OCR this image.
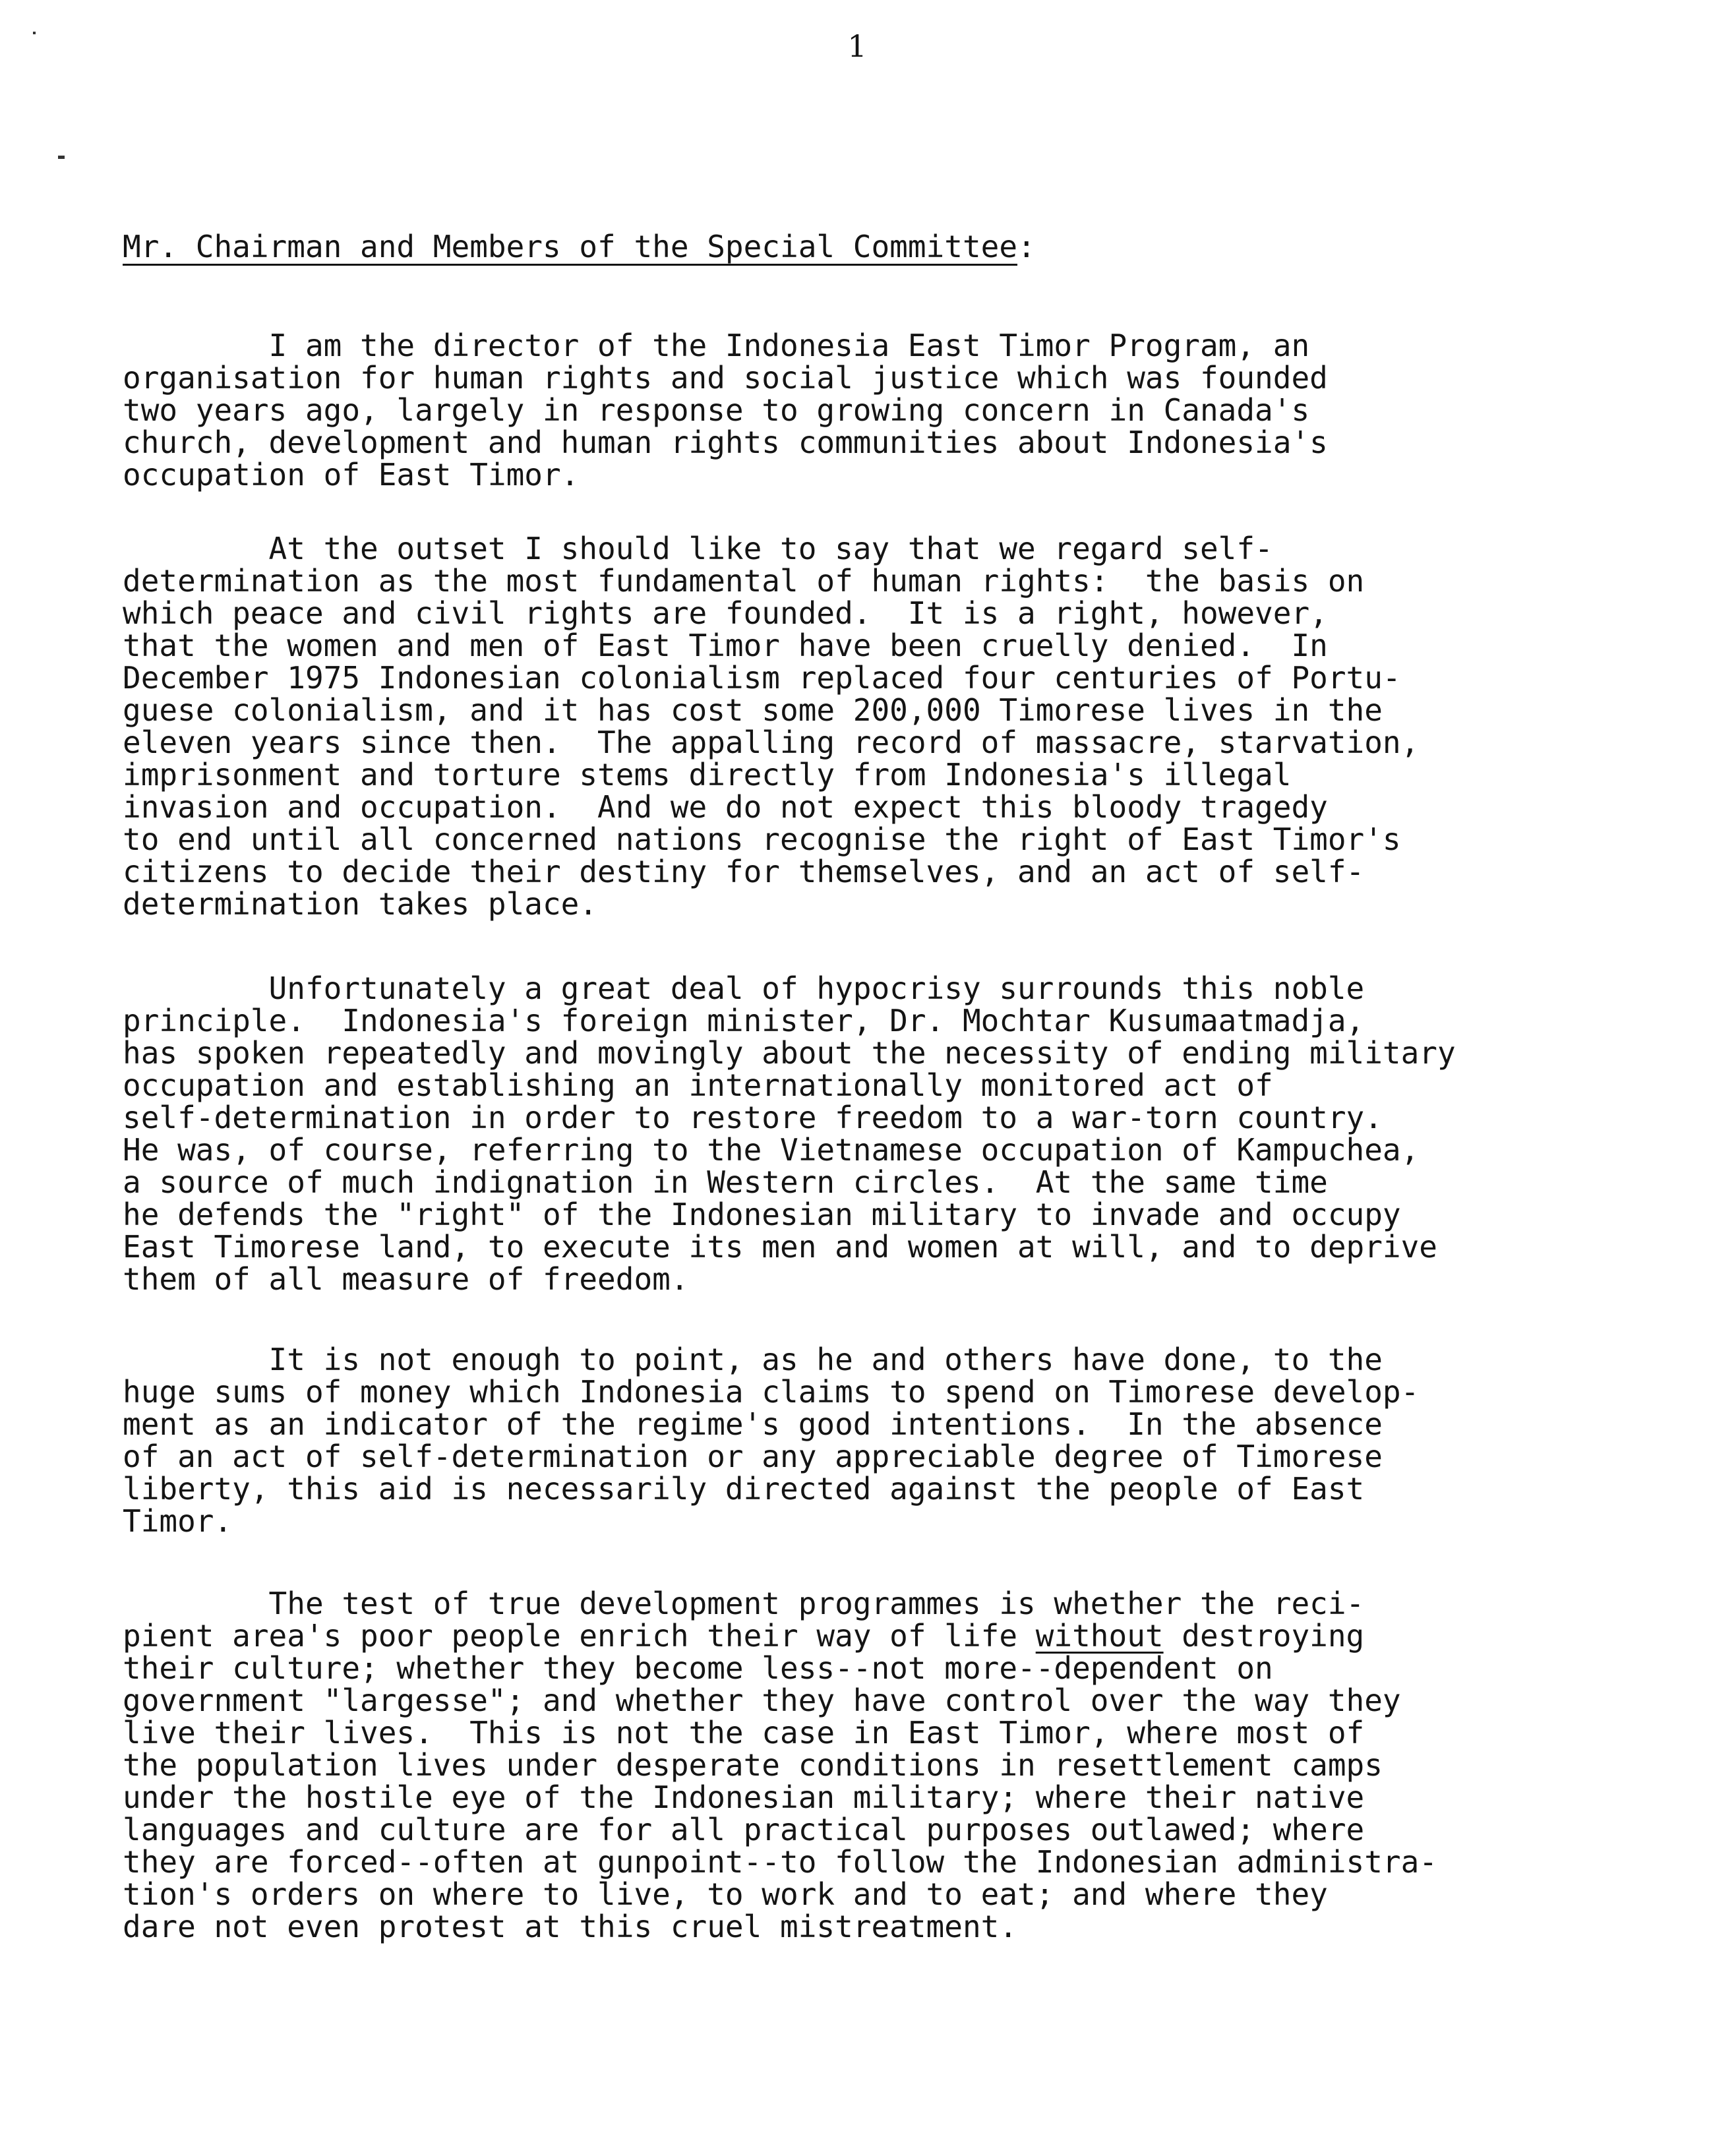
1
Mr. Chairman and Members of the Special Committee:

I am the director of the Indonesia East Timor Program, an
organisation for human rights and social justice which was founded
two years ago, largely in response to growing concern in Canada's
church, development and human rights communities about Indonesia's
occupation of East Timor.

At the outset I should like to say that we regard self-
determination as the most fundamental of human rights:  the basis on
which peace and civil rights are founded.  It is a right, however,
that the women and men of East Timor have been cruelly denied.  In
December 1975 Indonesian colonialism replaced four centuries of Portu-
guese colonialism, and it has cost some 200,000 Timorese lives in the
eleven years since then.  The appalling record of massacre, starvation,
imprisonment and torture stems directly from Indonesia's illegal
invasion and occupation.  And we do not expect this bloody tragedy
to end until all concerned nations recognise the right of East Timor's
citizens to decide their destiny for themselves, and an act of self-
determination takes place.

Unfortunately a great deal of hypocrisy surrounds this noble
principle.  Indonesia's foreign minister, Dr. Mochtar Kusumaatmadja,
has spoken repeatedly and movingly about the necessity of ending military
occupation and establishing an internationally monitored act of
self-determination in order to restore freedom to a war-torn country.
He was, of course, referring to the Vietnamese occupation of Kampuchea,
a source of much indignation in Western circles.  At the same time
he defends the "right" of the Indonesian military to invade and occupy
East Timorese land, to execute its men and women at will, and to deprive
them of all measure of freedom.

It is not enough to point, as he and others have done, to the
huge sums of money which Indonesia claims to spend on Timorese develop-
ment as an indicator of the regime's good intentions.  In the absence
of an act of self-determination or any appreciable degree of Timorese
liberty, this aid is necessarily directed against the people of East
Timor.

The test of true development programmes is whether the reci-
pient area's poor people enrich their way of life without destroying
their culture; whether they become less--not more--dependent on
government "largesse"; and whether they have control over the way they
live their lives.  This is not the case in East Timor, where most of
the population lives under desperate conditions in resettlement camps
under the hostile eye of the Indonesian military; where their native
languages and culture are for all practical purposes outlawed; where
they are forced--often at gunpoint--to follow the Indonesian administra-
tion's orders on where to live, to work and to eat; and where they
dare not even protest at this cruel mistreatment.
